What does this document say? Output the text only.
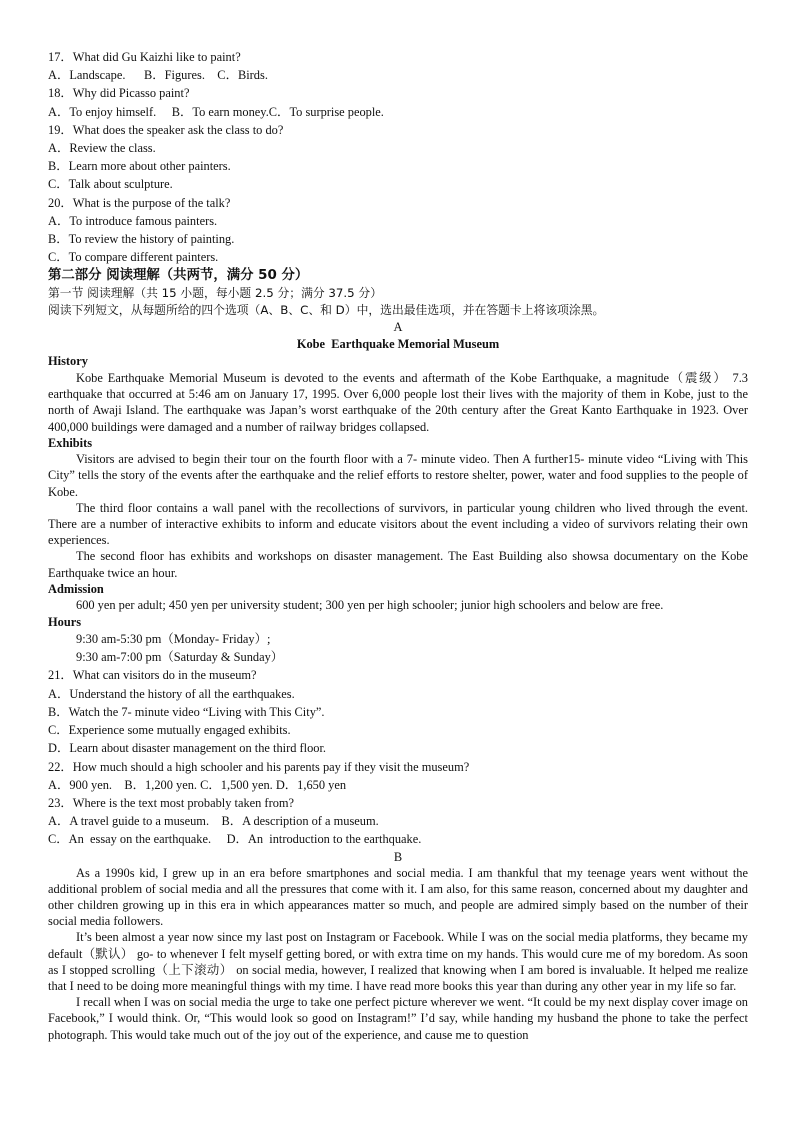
17．What did Gu Kaizhi like to paint?
A．Landscape.      B．Figures.    C．Birds.
18．Why did Picasso paint?
A．To enjoy himself.     B．To earn money.C．To surprise people.
19．What does the speaker ask the class to do?
A．Review the class.
B．Learn more about other painters.
C．Talk about sculpture.
20．What is the purpose of the talk?
A．To introduce famous painters.
B．To review the history of painting.
C．To compare different painters.
第二部分 阅读理解（共两节，满分 50 分）
第一节 阅读理解（共 15 小题，每小题 2.5 分；满分 37.5 分）
阅读下列短文，从每题所给的四个选项（A、B、C、和 D）中，选出最佳选项，并在答题卡上将该项涂黑。
A
Kobe  Earthquake Memorial Museum
History
Kobe Earthquake Memorial Museum is devoted to the events and aftermath of the Kobe Earthquake, a magnitude（震级） 7.3 earthquake that occurred at 5:46 am on January 17, 1995. Over 6,000 people lost their lives with the majority of them in Kobe, just to the north of Awaji Island. The earthquake was Japan’s worst earthquake of the 20th century after the Great Kanto Earthquake in 1923. Over 400,000 buildings were damaged and a number of railway bridges collapsed.
Exhibits
Visitors are advised to begin their tour on the fourth floor with a 7- minute video. Then A further15- minute video “Living with This City” tells the story of the events after the earthquake and the relief efforts to restore shelter, power, water and food supplies to the people of Kobe.
The third floor contains a wall panel with the recollections of survivors, in particular young children who lived through the event. There are a number of interactive exhibits to inform and educate visitors about the event including a video of survivors relating their own experiences.
The second floor has exhibits and workshops on disaster management. The East Building also showsa documentary on the Kobe Earthquake twice an hour.
Admission
600 yen per adult; 450 yen per university student; 300 yen per high schooler; junior high schoolers and below are free.
Hours
9:30 am-5:30 pm（Monday- Friday）;
9:30 am-7:00 pm（Saturday & Sunday）
21．What can visitors do in the museum?
A．Understand the history of all the earthquakes.
B．Watch the 7- minute video “Living with This City”.
C．Experience some mutually engaged exhibits.
D．Learn about disaster management on the third floor.
22．How much should a high schooler and his parents pay if they visit the museum?
A．900 yen.    B．1,200 yen. C．1,500 yen. D．1,650 yen
23．Where is the text most probably taken from?
A．A travel guide to a museum.    B．A description of a museum.
C．An  essay on the earthquake.     D．An  introduction to the earthquake.
B
As a 1990s kid, I grew up in an era before smartphones and social media. I am thankful that my teenage years went without the additional problem of social media and all the pressures that come with it. I am also, for this same reason, concerned about my daughter and other children growing up in this era in which appearances matter so much, and people are admired simply based on the number of their social media followers.
It’s been almost a year now since my last post on Instagram or Facebook. While I was on the social media platforms, they became my default（默认） go- to whenever I felt myself getting bored, or with extra time on my hands. This would cure me of my boredom. As soon as I stopped scrolling（上下滚动） on social media, however, I realized that knowing when I am bored is invaluable. It helped me realize that I need to be doing more meaningful things with my time. I have read more books this year than during any other year in my life so far.
I recall when I was on social media the urge to take one perfect picture wherever we went. “It could be my next display cover image on Facebook,” I would think. Or, “This would look so good on Instagram!” I’d say, while handing my husband the phone to take the perfect photograph. This would take much out of the joy out of the experience, and cause me to question
